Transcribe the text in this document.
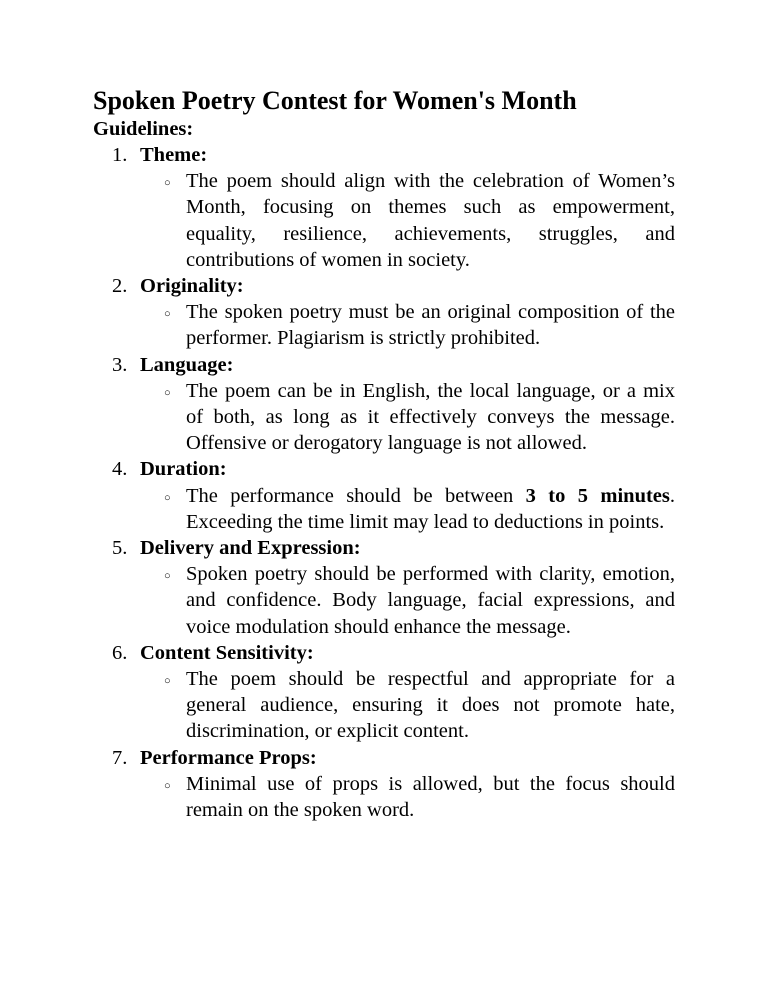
Spoken Poetry Contest for Women's Month
Guidelines:
1. Theme:
○ The poem should align with the celebration of Women’s Month, focusing on themes such as empowerment, equality, resilience, achievements, struggles, and contributions of women in society.
2. Originality:
○ The spoken poetry must be an original composition of the performer. Plagiarism is strictly prohibited.
3. Language:
○ The poem can be in English, the local language, or a mix of both, as long as it effectively conveys the message. Offensive or derogatory language is not allowed.
4. Duration:
○ The performance should be between 3 to 5 minutes. Exceeding the time limit may lead to deductions in points.
5. Delivery and Expression:
○ Spoken poetry should be performed with clarity, emotion, and confidence. Body language, facial expressions, and voice modulation should enhance the message.
6. Content Sensitivity:
○ The poem should be respectful and appropriate for a general audience, ensuring it does not promote hate, discrimination, or explicit content.
7. Performance Props:
○ Minimal use of props is allowed, but the focus should remain on the spoken word.
